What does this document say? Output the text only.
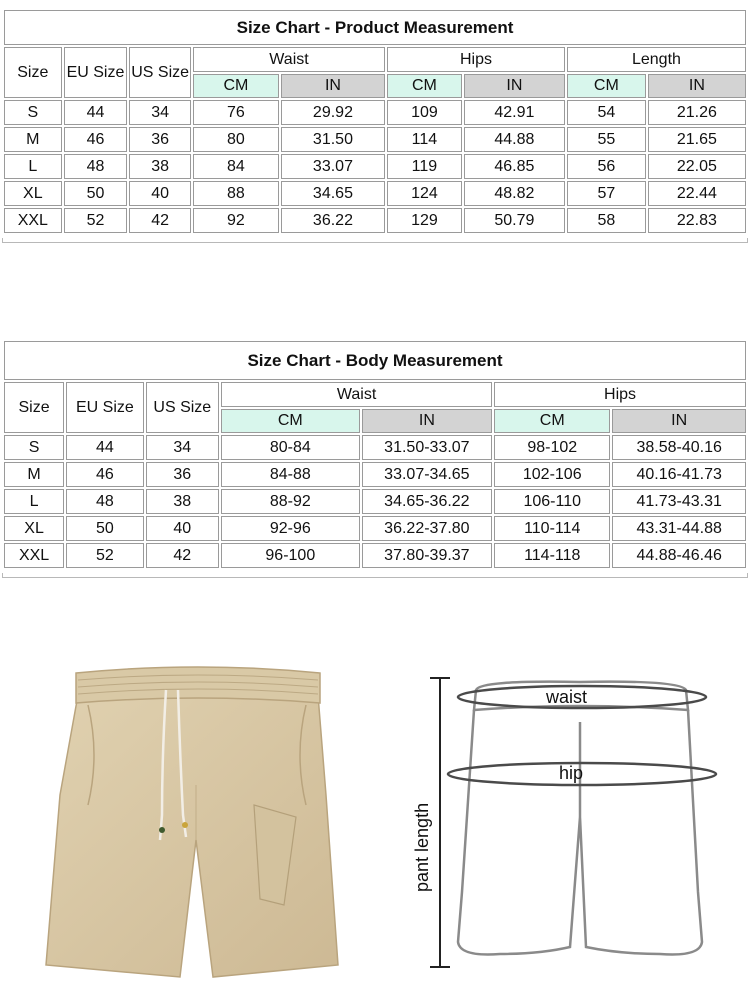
Size Chart - Product Measurement								
Size	EU Size	US Size	Waist		Hips		Length	
			CM	IN	CM	IN	CM	IN
S	44	34	76	29.92	109	42.91	54	21.26
M	46	36	80	31.50	114	44.88	55	21.65
L	48	38	84	33.07	119	46.85	56	22.05
XL	50	40	88	34.65	124	48.82	57	22.44
XXL	52	42	92	36.22	129	50.79	58	22.83
Size Chart - Body Measurement						
Size	EU Size	US Size	Waist		Hips	
			CM	IN	CM	IN
S	44	34	80-84	31.50-33.07	98-102	38.58-40.16
M	46	36	84-88	33.07-34.65	102-106	40.16-41.73
L	48	38	88-92	34.65-36.22	106-110	41.73-43.31
XL	50	40	92-96	36.22-37.80	110-114	43.31-44.88
XXL	52	42	96-100	37.80-39.37	114-118	44.88-46.46
waist
hip
pant length
